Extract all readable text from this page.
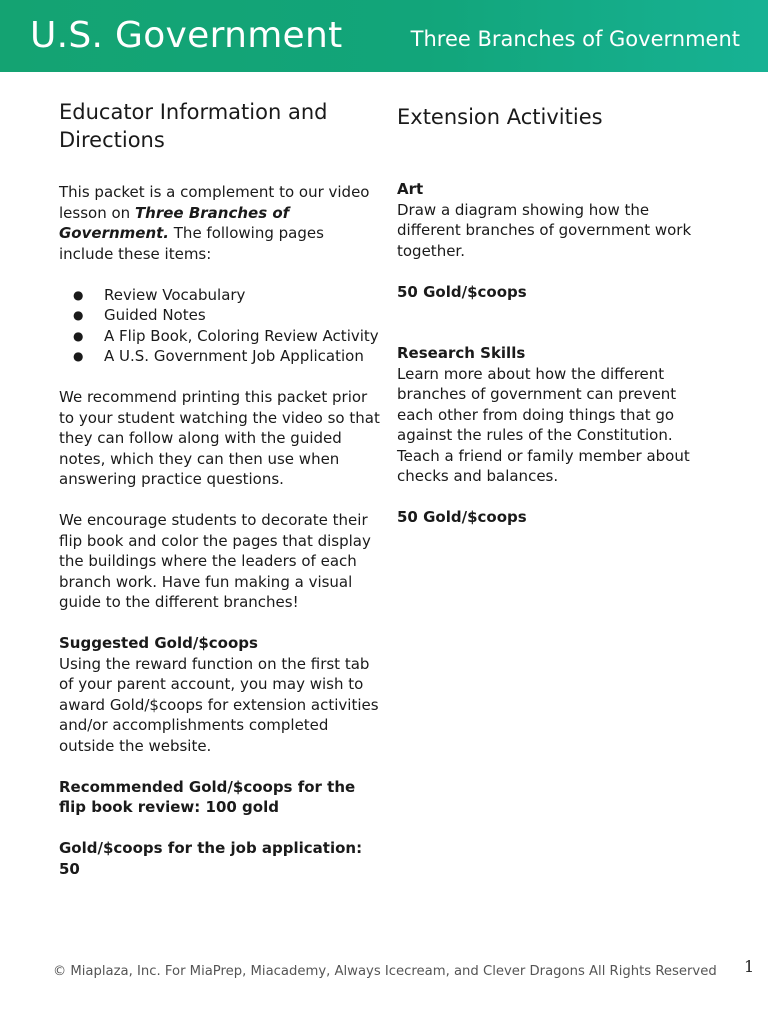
U.S. Government	Three Branches of Government
Educator Information and Directions

This packet is a complement to our video lesson on Three Branches of Government. The following pages include these items:

● Review Vocabulary
● Guided Notes
● A Flip Book, Coloring Review Activity
● A U.S. Government Job Application

We recommend printing this packet prior to your student watching the video so that they can follow along with the guided notes, which they can then use when answering practice questions.

We encourage students to decorate their flip book and color the pages that display the buildings where the leaders of each branch work. Have fun making a visual guide to the different branches!

Suggested Gold/$coops
Using the reward function on the first tab of your parent account, you may wish to award Gold/$coops for extension activities and/or accomplishments completed outside the website.

Recommended Gold/$coops for the flip book review: 100 gold

Gold/$coops for the job application: 50

Extension Activities

Art
Draw a diagram showing how the different branches of government work together.

50 Gold/$coops

Research Skills
Learn more about how the different branches of government can prevent each other from doing things that go against the rules of the Constitution. Teach a friend or family member about checks and balances.

50 Gold/$coops

© Miaplaza, Inc. For MiaPrep, Miacademy, Always Icecream, and Clever Dragons All Rights Reserved 1
